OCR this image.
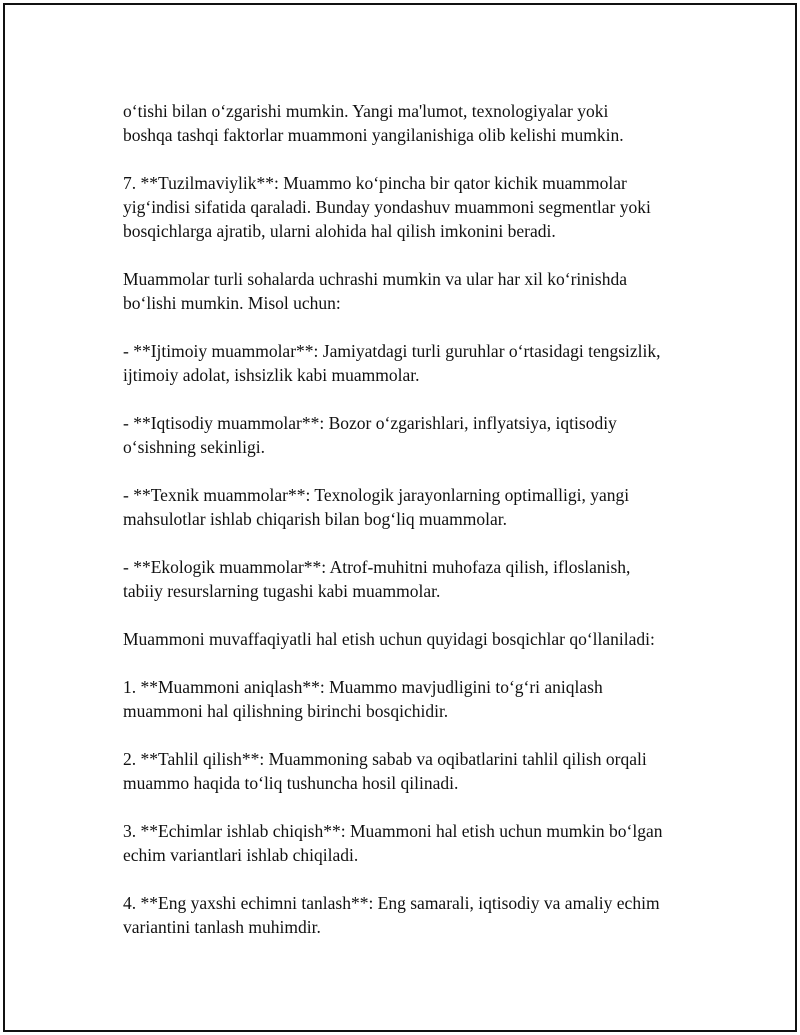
o‘tishi bilan o‘zgarishi mumkin. Yangi ma'lumot, texnologiyalar yoki
boshqa tashqi faktorlar muammoni yangilanishiga olib kelishi mumkin.

7. **Tuzilmaviylik**: Muammo ko‘pincha bir qator kichik muammolar
yig‘indisi sifatida qaraladi. Bunday yondashuv muammoni segmentlar yoki
bosqichlarga ajratib, ularni alohida hal qilish imkonini beradi.

Muammolar turli sohalarda uchrashi mumkin va ular har xil ko‘rinishda
bo‘lishi mumkin. Misol uchun:

- **Ijtimoiy muammolar**: Jamiyatdagi turli guruhlar o‘rtasidagi tengsizlik,
ijtimoiy adolat, ishsizlik kabi muammolar.

- **Iqtisodiy muammolar**: Bozor o‘zgarishlari, inflyatsiya, iqtisodiy
o‘sishning sekinligi.

- **Texnik muammolar**: Texnologik jarayonlarning optimalligi, yangi
mahsulotlar ishlab chiqarish bilan bog‘liq muammolar.

- **Ekologik muammolar**: Atrof-muhitni muhofaza qilish, ifloslanish,
tabiiy resurslarning tugashi kabi muammolar.

Muammoni muvaffaqiyatli hal etish uchun quyidagi bosqichlar qo‘llaniladi:

1. **Muammoni aniqlash**: Muammo mavjudligini to‘g‘ri aniqlash
muammoni hal qilishning birinchi bosqichidir.

2. **Tahlil qilish**: Muammoning sabab va oqibatlarini tahlil qilish orqali
muammo haqida to‘liq tushuncha hosil qilinadi.

3. **Echimlar ishlab chiqish**: Muammoni hal etish uchun mumkin bo‘lgan
echim variantlari ishlab chiqiladi.

4. **Eng yaxshi echimni tanlash**: Eng samarali, iqtisodiy va amaliy echim
variantini tanlash muhimdir.
